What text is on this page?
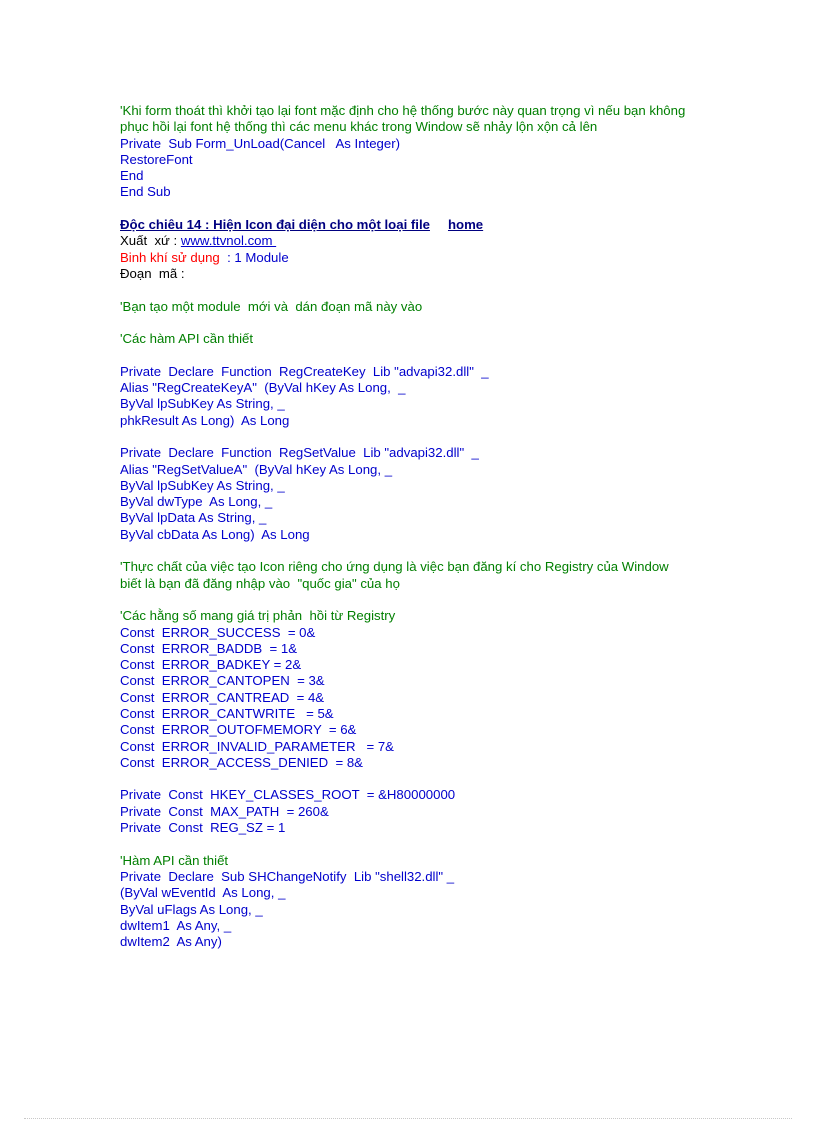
'Khi form thoát thì khởi tạo lại font mặc định cho hệ thống bước này quan trọng vì nếu bạn không
phục hồi lại font hệ thống thì các menu khác trong Window sẽ nhảy lộn xộn cả lên
Private  Sub Form_UnLoad(Cancel   As Integer)
RestoreFont
End
End Sub
Độc chiêu 14 : Hiện Icon đại diện cho một loại file home
Xuất  xứ : www.ttvnol.com
Binh khí sử dụng  : 1 Module
Đoạn  mã :
'Bạn tạo một module  mới và  dán đoạn mã này vào
'Các hàm API cần thiết
Private  Declare  Function  RegCreateKey  Lib "advapi32.dll"  _
Alias "RegCreateKeyA"  (ByVal hKey As Long,  _
ByVal lpSubKey As String, _
phkResult As Long)  As Long
Private  Declare  Function  RegSetValue  Lib "advapi32.dll"  _
Alias "RegSetValueA"  (ByVal hKey As Long, _
ByVal lpSubKey As String, _
ByVal dwType  As Long, _
ByVal lpData As String, _
ByVal cbData As Long)  As Long
'Thực chất của việc tạo Icon riêng cho ứng dụng là việc bạn đăng kí cho Registry của Window
biết là bạn đã đăng nhập vào  "quốc gia" của họ
'Các hằng số mang giá trị phản  hồi từ Registry
Const  ERROR_SUCCESS  = 0&
Const  ERROR_BADDB  = 1&
Const  ERROR_BADKEY = 2&
Const  ERROR_CANTOPEN  = 3&
Const  ERROR_CANTREAD  = 4&
Const  ERROR_CANTWRITE   = 5&
Const  ERROR_OUTOFMEMORY  = 6&
Const  ERROR_INVALID_PARAMETER   = 7&
Const  ERROR_ACCESS_DENIED  = 8&
Private  Const  HKEY_CLASSES_ROOT  = &H80000000
Private  Const  MAX_PATH  = 260&
Private  Const  REG_SZ = 1
'Hàm API cần thiết
Private  Declare  Sub SHChangeNotify  Lib "shell32.dll" _
(ByVal wEventId  As Long, _
ByVal uFlags As Long, _
dwItem1  As Any, _
dwItem2  As Any)
